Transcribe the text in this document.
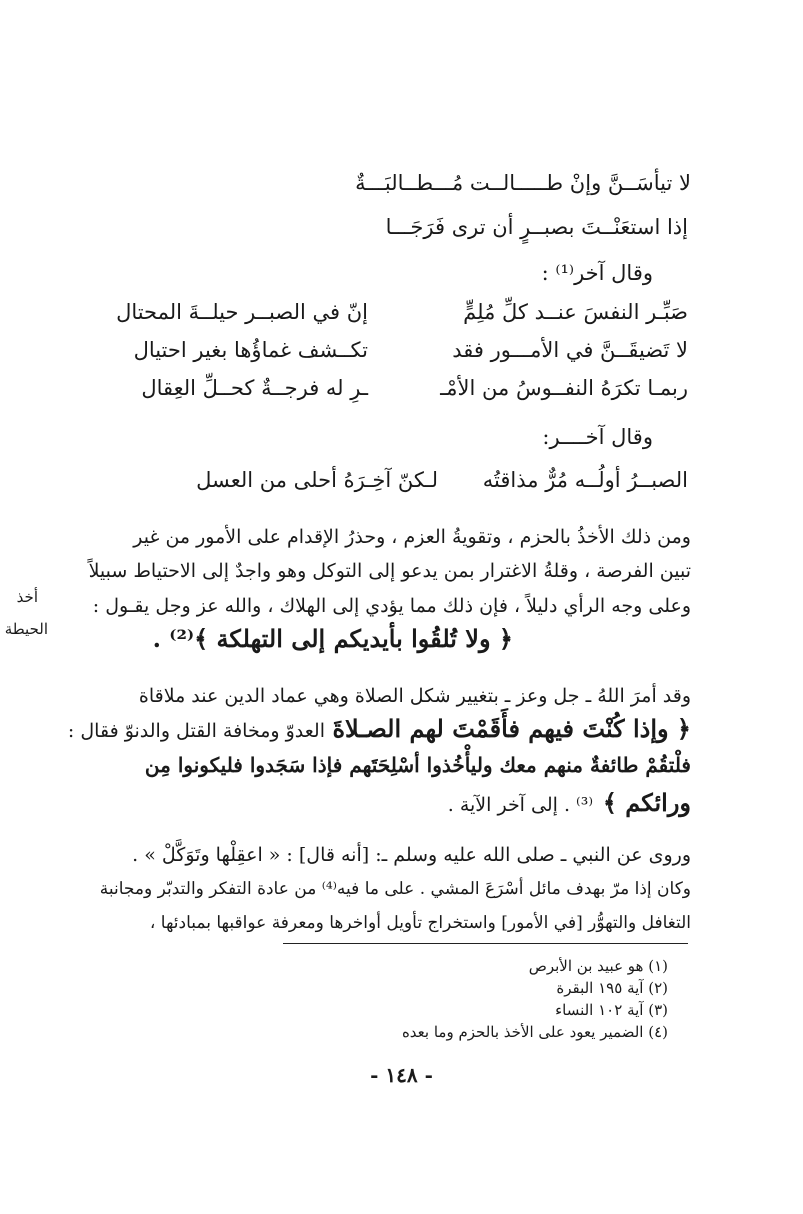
لا تيأسَــنَّ وإنْ طـــــالــت مُـــطــالبَـــةٌ
إذا استعَنْــتَ بصبــرٍ أن ترى فَرَجَـــا
وقال آخر⁽¹⁾ :
صَبِّـر النفسَ عنــد كلِّ مُلِمٍّ
إنّ في الصبــر حيلــةَ المحتال
لا تَضيقَــنَّ في الأمـــور فقد
تكــشف غماؤُها بغير احتيال
ربمـا تكرَهُ النفــوسُ من الأمْـ
ـرِ له فرجــةٌ كحــلِّ العِقال
وقال آخــــر:
الصبــرُ أولُــه مُرٌّ مذاقتُه
لـكنّ آخِـرَهُ أحلى من العسل
ومن ذلك الأخذُ بالحزم ، وتقويةُ العزم ، وحذرُ الإقدام على الأمور من غير
تبين الفرصة ، وقلةُ الاغترار بمن يدعو إلى التوكل وهو واجدٌ إلى الاحتياط سبيلاً
وعلى وجه الرأي دليلاً ، فإن ذلك مما يؤدي إلى الهلاك ، والله عز وجل يقـول :
أخذ
الحيطة	﴿ ولا تُلقُوا بأيديكم إلى التهلكة ﴾⁽²⁾ .
وقد أمرَ اللهُ ـ جل وعز ـ بتغيير شكل الصلاة وهي عماد الدين عند ملاقاة
العدوّ ومخافة القتل والدنوّ فقال : ﴿ وإذا كُنْتَ فيهم فأَقَمْتَ لهم الصـلاةَ
فلْتقُمْ طائفةٌ منهم معك وليأْخُذوا أسْلِحَتَهم فإذا سَجَدوا فليكونوا مِن
ورائكم ﴾
⁽³⁾ . إلى آخر الآية .
وروى عن النبي ـ صلى الله عليه وسلم ـ: [أنه قال] : « اعقِلْها وتَوَكَّلْ » .
وكان إذا مرّ بهدف مائل أسْرَعَ المشي . على ما فيه⁽⁴⁾ من عادة التفكر والتدبّر ومجانبة
التغافل والتهوُّر [في الأمور] واستخراج تأويل أواخرها ومعرفة عواقبها بمبادئها ،
(١) هو عبيد بن الأبرص
(٢) آية ١٩٥ البقرة
(٣) آية ١٠٢ النساء
(٤) الضمير يعود على الأخذ بالحزم وما بعده
- ١٤٨ -
